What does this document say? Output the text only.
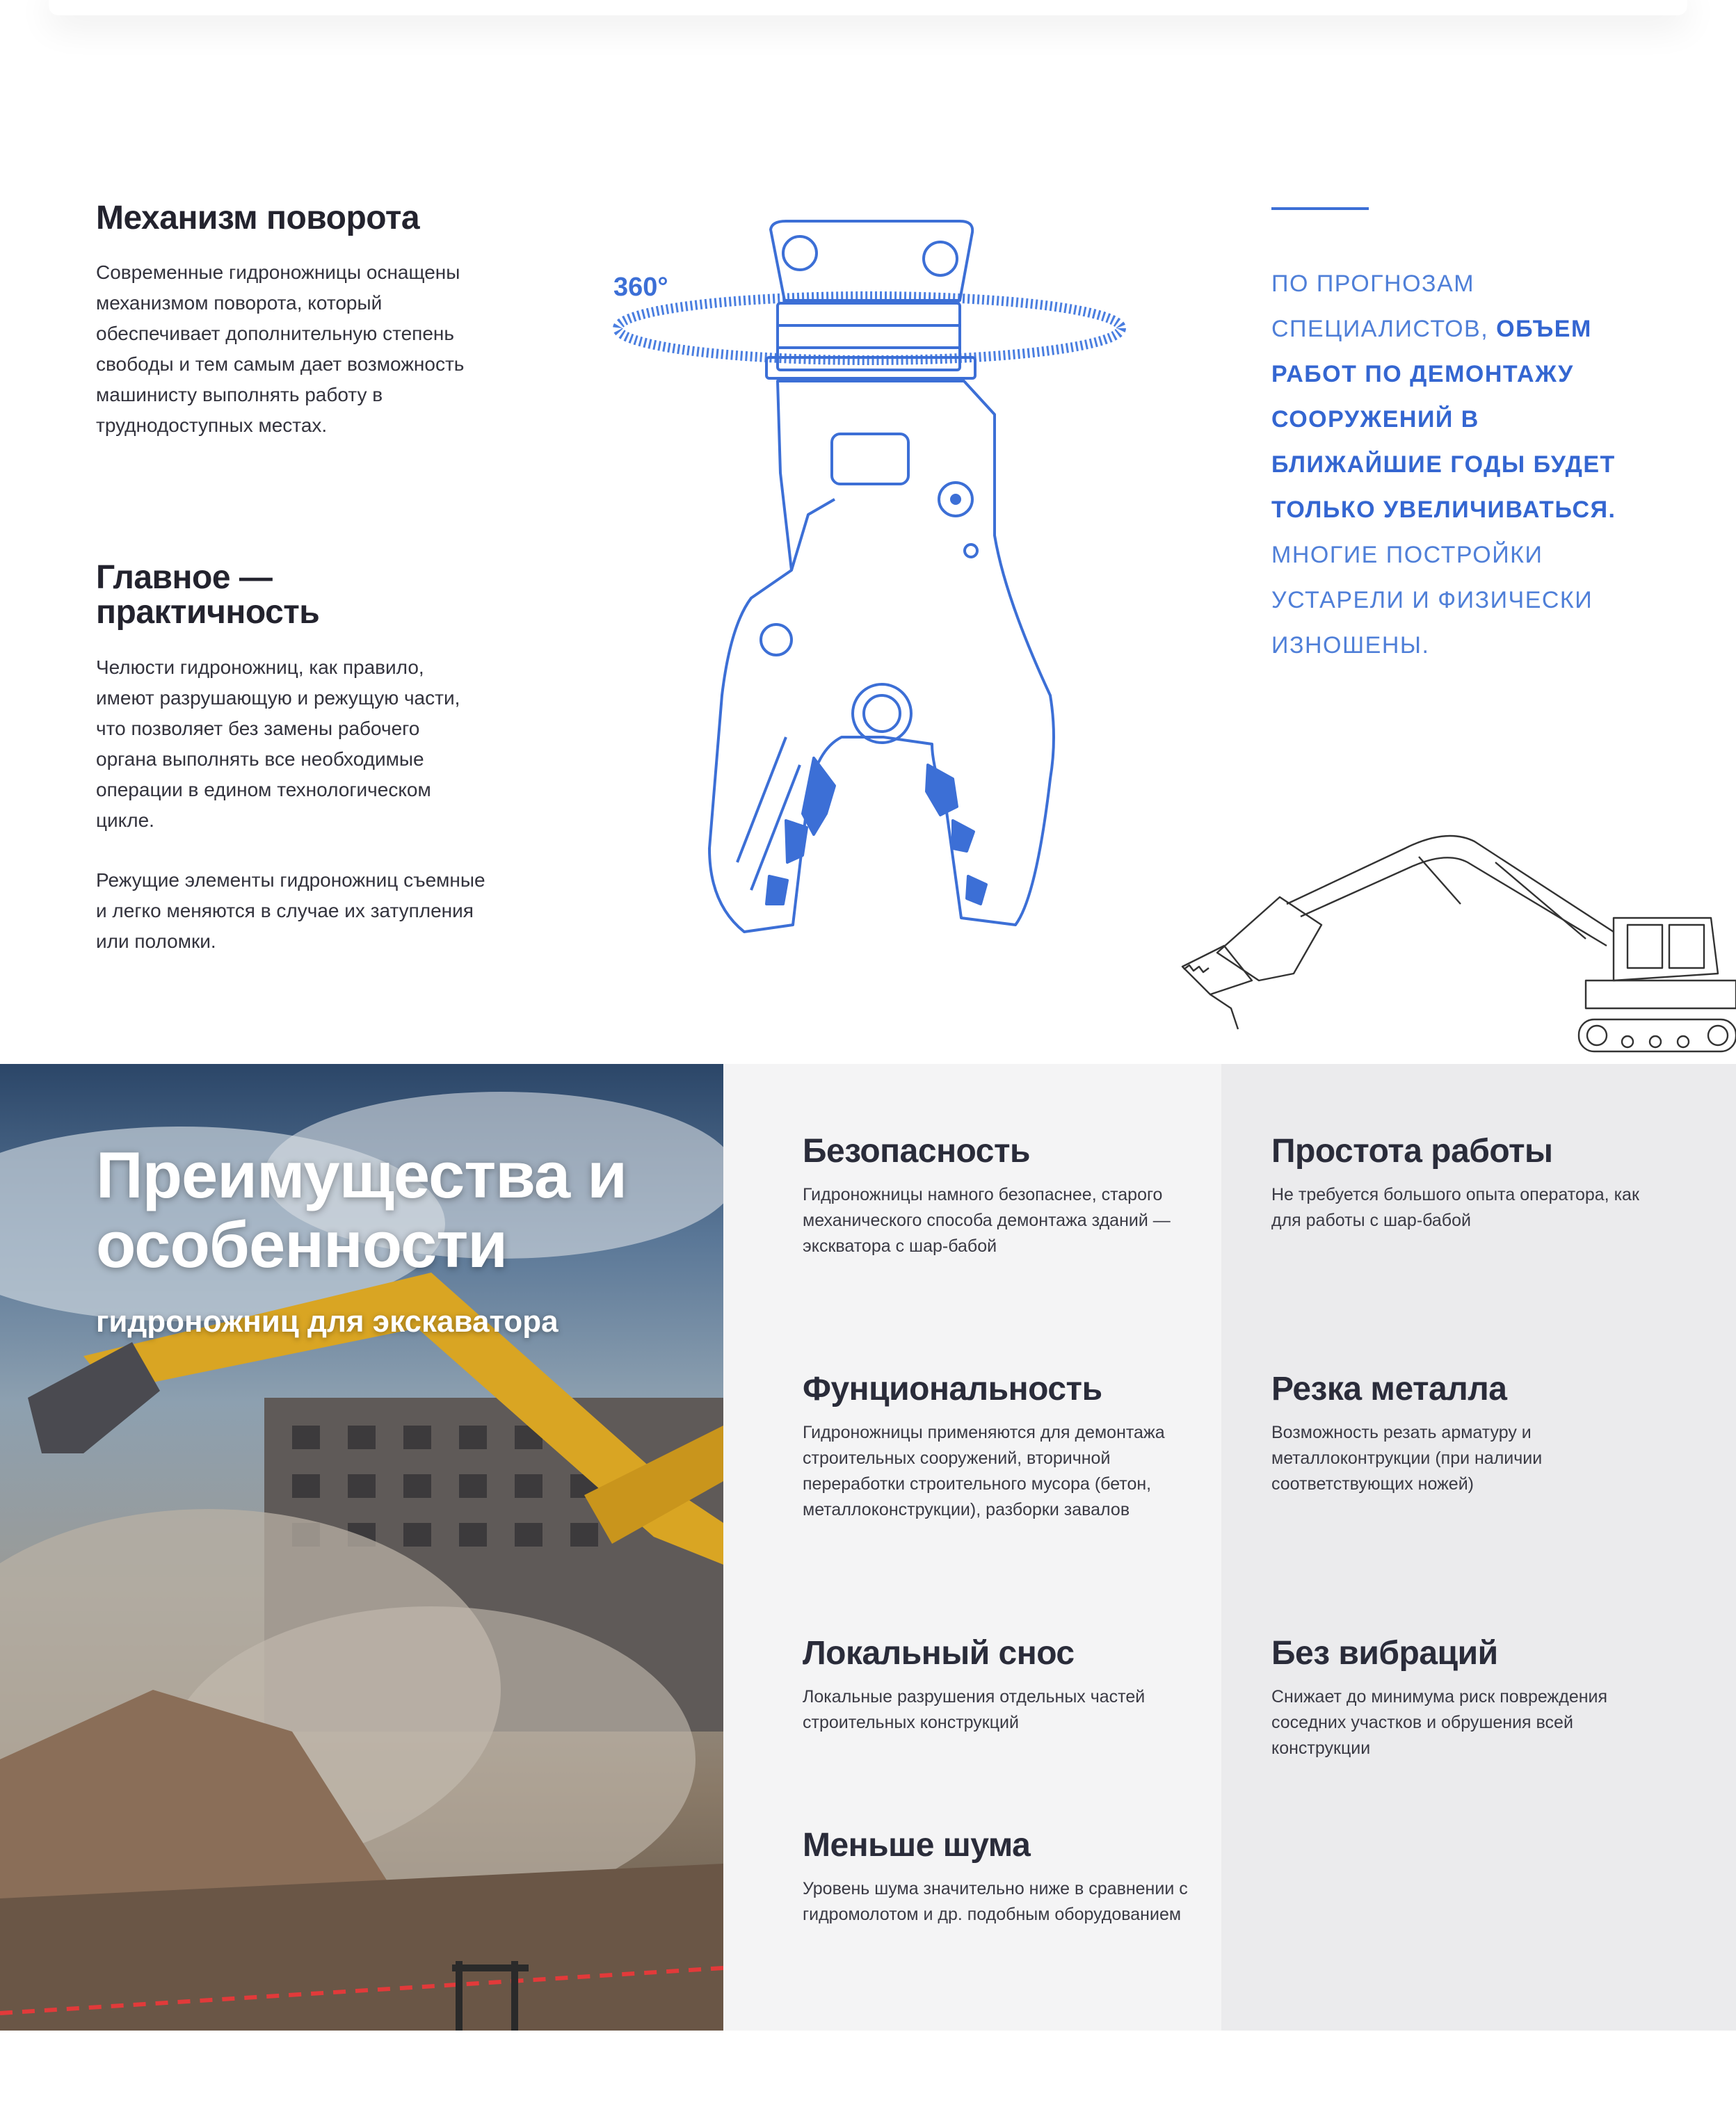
Механизм поворота
Современные гидроножницы оснащены механизмом поворота, который обеспечивает дополнительную степень свободы и тем самым дает возможность машинисту выполнять работу в труднодоступных местах.
Главное — практичность
Челюсти гидроножниц, как правило, имеют разрушающую и режущую части, что позволяет без замены рабочего органа выполнять все необходимые операции в едином технологическом цикле.
Режущие элементы гидроножниц съемные и легко меняются в случае их затупления или поломки.
360°	ПО ПРОГНОЗАМ СПЕЦИАЛИСТОВ, ОБЪЕМ РАБОТ ПО ДЕМОНТАЖУ СООРУЖЕНИЙ В БЛИЖАЙШИЕ ГОДЫ БУДЕТ ТОЛЬКО УВЕЛИЧИВАТЬСЯ. МНОГИЕ ПОСТРОЙКИ УСТАРЕЛИ И ФИЗИЧЕСКИ ИЗНОШЕНЫ.
Преимущества и особенности
гидроножниц для экскаватора
Безопасность
Гидроножницы намного безопаснее, старого механического способа демонтажа зданий — экскватора с шар-бабой
Простота работы
Не требуется большого опыта оператора, как для работы с шар-бабой
Фунциональность
Гидроножницы применяются для демонтажа строительных сооружений, вторичной переработки строительного мусора (бетон, металлоконструкции), разборки завалов
Резка металла
Возможность резать арматуру и металлоконтрукции (при наличии соответствующих ножей)
Локальный снос
Локальные разрушения отдельных частей строительных конструкций
Без вибраций
Снижает до минимума риск повреждения соседних участков и обрушения всей конструкции
Меньше шума
Уровень шума значительно ниже в сравнении с гидромолотом и др. подобным оборудованием
